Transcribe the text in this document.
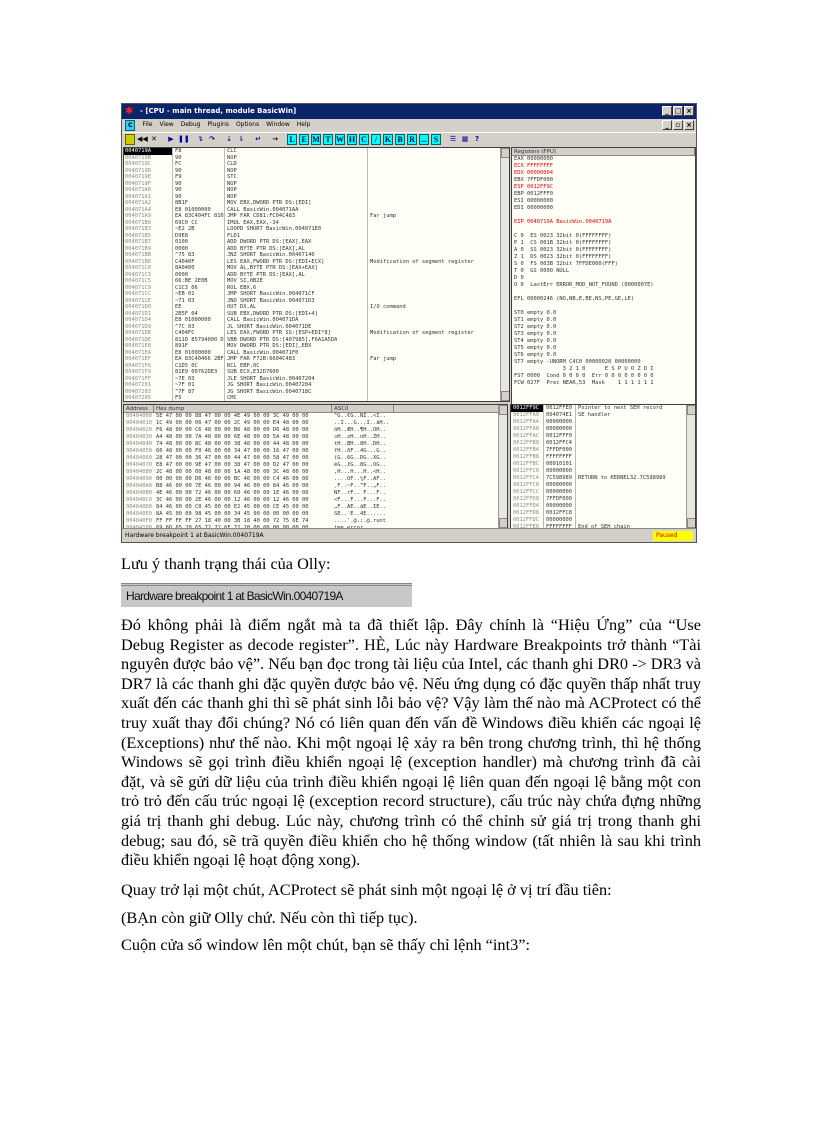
✱ - [CPU - main thread, module BasicWin]	_ □ ×
C	File View Debug Plugins Options Window Help	_ ▫ ×
◀◀ ✕	▶ ❚❚ ↴ ↷ ⇣ ⇂ ↵ → L E M T W H C / K B R ... S	☰ ▦ ?
0040719A	F8	CLC
0040719B	90	NOP
0040719C	FC	CLD
0040719D	90	NOP
0040719E	F9	STC
0040719F	90	NOP
004071A0	90	NOP
004071A1	90	NOP
004071A2	8B1F	MOV EBX,DWORD PTR DS:[EDI]
004071A4	E8 01000000	CALL BasicWin.004071AA
004071A9	EA 83C404FC 810 JMP FAR CD81:FC04C483	Far jump
004071B0	69C0 CC	IMUL EAX,EAX,-34
004071B3	~E2 2B	LOOPD SHORT BasicWin.004071E0
004071B5	D9E8	FLD1
004071B7	0100	ADD DWORD PTR DS:[EAX],EAX
004071B9	0000	ADD BYTE PTR DS:[EAX],AL
004071BB	^75 83	JNZ SHORT BasicWin.00407140
004071BD	C4040F	LES EAX,FWORD PTR DS:[EDI+ECX]	Modification of segment register
004071C0	8A0400	MOV AL,BYTE PTR DS:[EAX+EAX]
004071C3	0000	ADD BYTE PTR DS:[EAX],AL
004071C5	66:BE 2E0B	MOV SI,0B2E
004071C9	C1C3 06	ROL EBX,6
004071CC	~EB 01	JMP SHORT BasicWin.004071CF
004071CE	~71 03	JNO SHORT BasicWin.004071D3
004071D0	EE	OUT DX,AL	I/O command
004071D1	2B5F 04	SUB EBX,DWORD PTR DS:[EDI+4]
004071D4	E8 01000000	CALL BasicWin.004071DA
004071D9	^7C 03	JL SHORT BasicWin.004071DE
004071DB	C404FC	LES EAX,FWORD PTR SS:[ESP+EDI*8]	Modification of segment register
004071DE	811D 85794000 D SBB DWORD PTR DS:[407985],F6A1A5DA
004071E8	891F	MOV DWORD PTR DS:[EDI],EBX
004071EA	E8 01000000	CALL BasicWin.004071F0
004071EF	EA 83C40466 2BF JMP FAR F72B:6604C483	Far jump
004071F6	C1D5 0C	RCL EBP,0C
004071F9	81E9 00762DE3	SUB ECX,E32D7600
004071FF	~7E 03	JLE SHORT BasicWin.00407204
00407201	~7F 01	JG SHORT BasicWin.00407204
00407203	^7F 87	JG SHORT BasicWin.0040718C
00407205	F5	CMC
Registers (FPU)
EAX 00000000
ECX FFFFFFFF
EDX 00000004
EBX 7FFDF000
ESP 0012FF9C
EBP 0012FFF0
ESI 00000000
EDI 00000000
EIP 0040719A BasicWin.0040719A
C 0  ES 0023 32bit 0(FFFFFFFF)
P 1  CS 001B 32bit 0(FFFFFFFF)
A 0  SS 0023 32bit 0(FFFFFFFF)
Z 1  DS 0023 32bit 0(FFFFFFFF)
S 0  FS 003B 32bit 7FFDE000(FFF)
T 0  GS 0000 NULL
D 0
O 0  LastErr ERROR_MOD_NOT_FOUND (0000007E)
EFL 00000246 (NO,NB,E,BE,NS,PE,GE,LE)
ST0 empty 0.0
ST1 empty 0.0
ST2 empty 0.0
ST3 empty 0.0
ST4 empty 0.0
ST5 empty 0.0
ST6 empty 0.0
ST7 empty -UNORM C4C0 00000020 00000000
3 2 1 0      E S P U O Z D I
FST 0000  Cond 0 0 0 0  Err 0 0 0 0 0 0 0 0
FCW 027F  Prec NEAR,53  Mask    1 1 1 1 1 1
Address	Hex dump	ASCII
00404000 5E 47 00 00 88 47 00 00 4E 49 00 00 3C 49 00 00	^G..€G..NI..<I..
00404010 1C 49 00 00 06 47 00 00 2C 49 00 00 E4 48 00 00	..I...G..,I..äH..
00404020 F6 48 00 00 C6 48 00 00 B6 48 00 00 D6 48 00 00	öH..ÆH..¶H..ÖH..
00404030 A4 48 00 00 7A 48 00 00 6E 48 00 00 5A 48 00 00	¤H..zH..nH..ZH..
00404040 74 48 00 00 8C 48 00 00 38 48 00 00 44 48 00 00	tH..ŒH..8H..DH..
00404050 66 48 00 00 F0 46 00 00 34 47 00 00 16 47 00 00	fH..ðF..4G...G..
00404060 28 47 00 00 36 47 00 00 44 47 00 00 58 47 00 00	(G..6G..DG..XG..
00404070 E8 47 00 00 9E 47 00 00 38 47 00 00 D2 47 00 00	èG..žG..8G..ÒG..
00404080 2C 48 00 00 00 48 00 00 1A 48 00 00 3C 48 00 00	,H...H...H..<H..
00404090 00 00 00 00 D6 46 00 00 BC 46 00 00 C4 46 00 00	....ÖF..¼F..ÄF..
004040A0 B8 46 00 00 7E 46 00 00 94 46 00 00 84 46 00 00	¸F..~F..”F..„F..
004040B0 4E 46 00 00 72 46 00 00 60 46 00 00 1E 46 00 00	NF..rF..`F...F..
004040C0 3C 46 00 00 2E 46 00 00 12 46 00 00 12 46 00 00	<F...F...F...F..
004040D0 84 46 00 00 C0 45 00 00 E2 45 00 00 CE 45 00 00	„F..ÀE..âE..ÎE..
004040E0 8A 45 00 00 98 45 00 00 34 45 00 00 00 00 00 00	ŠE..˜E..4E......
004040F0 FF FF FF FF 27 18 40 00 3B 18 40 00 72 75 6E 74	....'.@.;.@.runt
00404100 69 6D 65 20 65 72 72 6F 72 20 00 00 00 00 00 00	ime error ......
0012FF9C	0012FFE0	Pointer to next SEH record
0012FFA0	004074E1	SE handler
0012FFA4	00000000
0012FFA8	00000000
0012FFAC	0012FFF0
0012FFB0	0012FFC4
0012FFB4	7FFDF000
0012FFB8	FFFFFFFF
0012FFBC	00010101
0012FFC0	00000000
0012FFC4	7C598989	RETURN to KERNEL32.7C598989
0012FFC8	00000000
0012FFCC	00000000
0012FFD0	7FFDF000
0012FFD4	00000000
0012FFD8	0012FFC8
0012FFDC	00000000
0012FFE0	FFFFFFFF	End of SEH chain
Hardware breakpoint 1 at BasicWin.0040719A	Paused
Lưu ý thanh trạng thái của Olly:
Hardware breakpoint 1 at BasicWin.0040719A
Đó không phải là điểm ngắt mà ta đã thiết lập. Đây chính là “Hiệu Ứng” của “Use Debug Register as decode register”. HÈ, Lúc này Hardware Breakpoints trở thành “Tài nguyên được bảo vệ”. Nếu bạn đọc trong tài liệu của Intel, các thanh ghi DR0 -> DR3 và DR7 là các thanh ghi đặc quyền được bảo vệ. Nếu ứng dụng có đặc quyền thấp nhất truy xuất đến các thanh ghi thì sẽ phát sinh lỗi bảo vệ? Vậy làm thế nào mà ACProtect có thể truy xuất thay đổi chúng? Nó có liên quan đến vấn đề Windows điều khiển các ngoại lệ (Exceptions) như thế nào. Khi một ngoại lệ xảy ra bên trong chương trình, thì hệ thống Windows sẽ gọi trình điều khiển ngoại lệ (exception handler) mà chương trình đã cài đặt, và sẽ gửi dữ liệu của trình điều khiển ngoại lệ liên quan đến ngoại lệ bằng một con trỏ trỏ đến cấu trúc ngoại lệ (exception record structure), cấu trúc này chứa đựng những giá trị thanh ghi debug. Lúc này, chương trình có thể chỉnh sử giá trị trong thanh ghi debug; sau đó, sẽ trã quyền điều khiển cho hệ thống window (tất nhiên là sau khi trình điều khiển ngoại lệ hoạt động xong).
Quay trở lại một chút, ACProtect sẽ phát sinh một ngoại lệ ở vị trí đầu tiên:
(BẠn còn giữ Olly chứ. Nếu còn thì tiếp tục).
Cuộn cửa sổ window lên một chút, bạn sẽ thấy chỉ lệnh “int3”:
